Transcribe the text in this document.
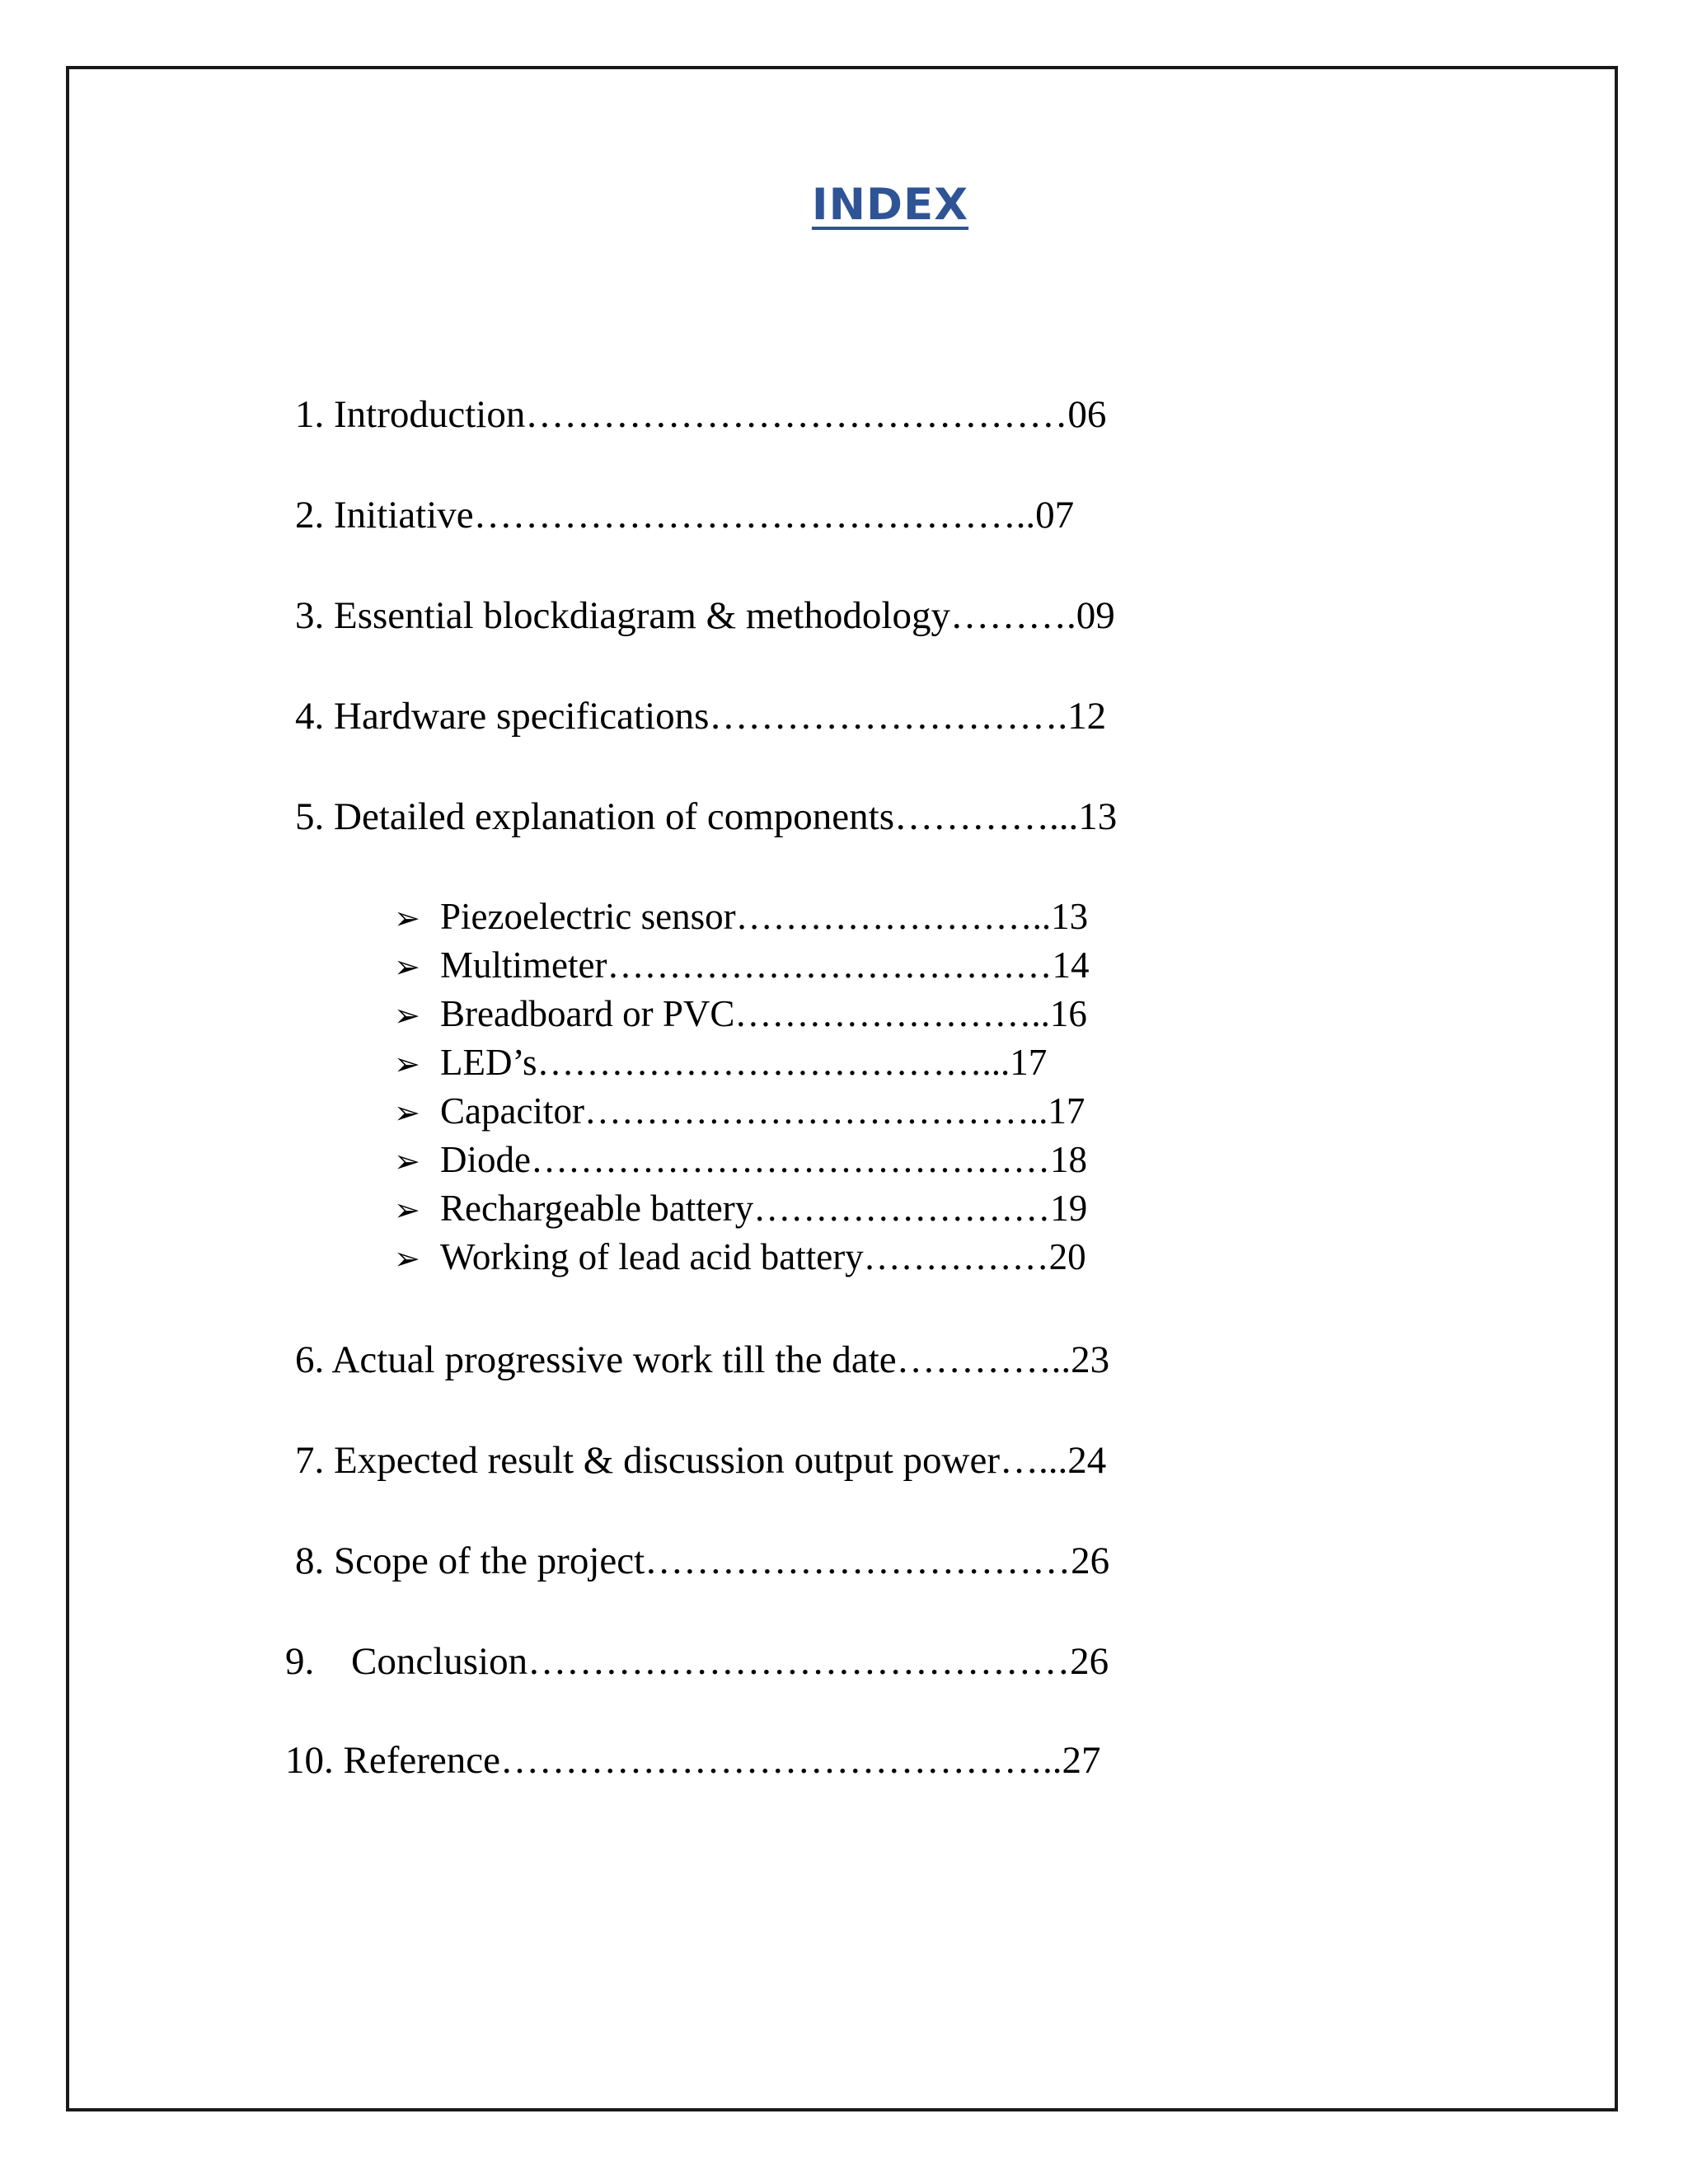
INDEX
1. Introduction……………………………………06
2. Initiative……………………………………..07
3. Essential blockdiagram & methodology……….09
4. Hardware specifications……………………….12
5. Detailed explanation of components…………...13
➢ Piezoelectric sensor……………………..13
➢ Multimeter………………………………14
➢ Breadboard or PVC……………………..16
➢ LED’s………………………………...17
➢ Capacitor………………………………..17
➢ Diode……………………………………18
➢ Rechargeable battery……………………19
➢ Working of lead acid battery……………20
6. Actual progressive work till the date…………..23
7. Expected result & discussion output power…...24
8. Scope of the project……………………………26
9. Conclusion……………………………………26
10. Reference……………………………………..27
